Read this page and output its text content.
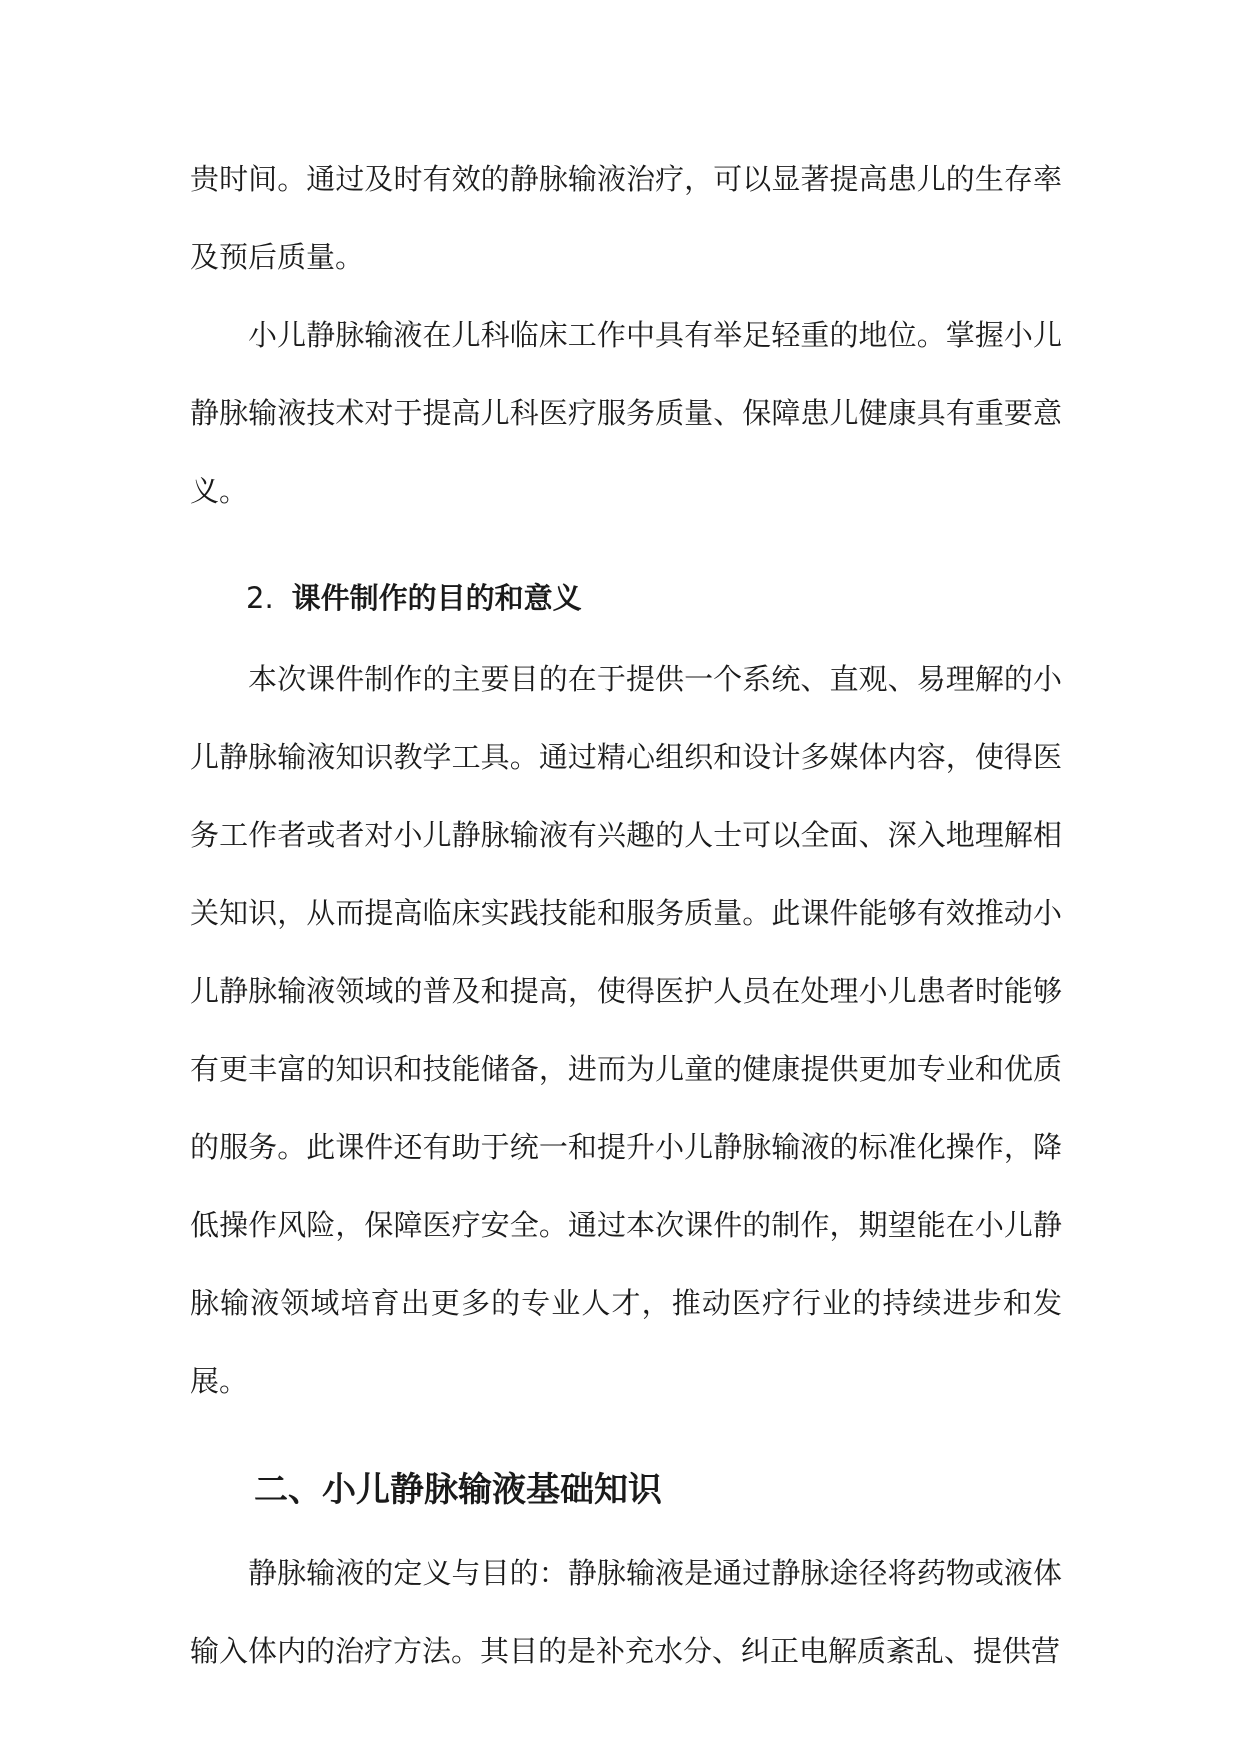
贵时间。通过及时有效的静脉输液治疗，可以显著提高患儿的生存率及预后质量。

小儿静脉输液在儿科临床工作中具有举足轻重的地位。掌握小儿静脉输液技术对于提高儿科医疗服务质量、保障患儿健康具有重要意义。

2. 课件制作的目的和意义

本次课件制作的主要目的在于提供一个系统、直观、易理解的小儿静脉输液知识教学工具。通过精心组织和设计多媒体内容，使得医务工作者或者对小儿静脉输液有兴趣的人士可以全面、深入地理解相关知识，从而提高临床实践技能和服务质量。此课件能够有效推动小儿静脉输液领域的普及和提高，使得医护人员在处理小儿患者时能够有更丰富的知识和技能储备，进而为儿童的健康提供更加专业和优质的服务。此课件还有助于统一和提升小儿静脉输液的标准化操作，降低操作风险，保障医疗安全。通过本次课件的制作，期望能在小儿静脉输液领域培育出更多的专业人才，推动医疗行业的持续进步和发展。

二、小儿静脉输液基础知识

静脉输液的定义与目的：静脉输液是通过静脉途径将药物或液体输入体内的治疗方法。其目的是补充水分、纠正电解质紊乱、提供营
